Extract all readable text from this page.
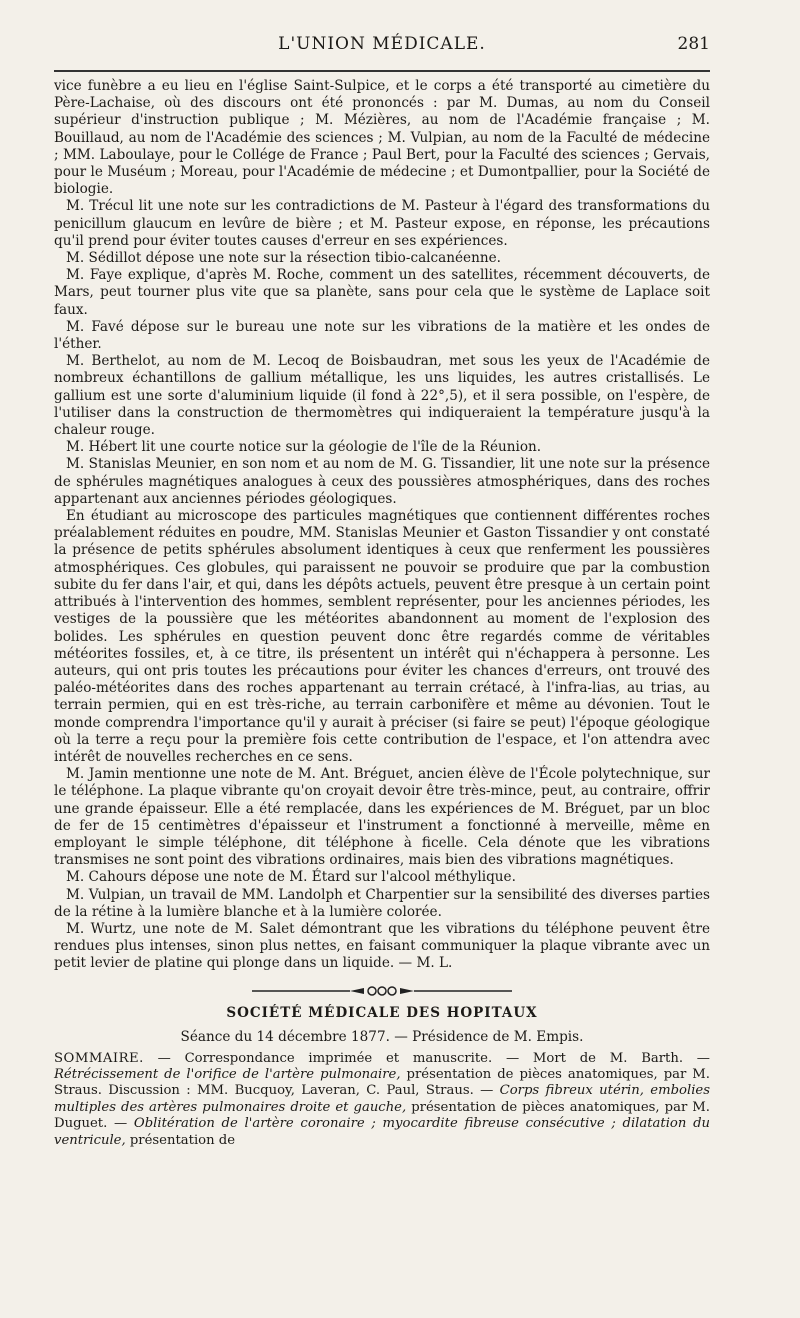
L'UNION MÉDICALE.	281

vice funèbre a eu lieu en l'église Saint-Sulpice, et le corps a été transporté au cimetière du Père-Lachaise, où des discours ont été prononcés : par M. Dumas, au nom du Conseil supérieur d'instruction publique ; M. Mézières, au nom de l'Académie française ; M. Bouillaud, au nom de l'Académie des sciences ; M. Vulpian, au nom de la Faculté de médecine ; MM. Laboulaye, pour le Collége de France ; Paul Bert, pour la Faculté des sciences ; Gervais, pour le Muséum ; Moreau, pour l'Académie de médecine ; et Dumontpallier, pour la Société de biologie.

M. Trécul lit une note sur les contradictions de M. Pasteur à l'égard des transformations du penicillum glaucum en levûre de bière ; et M. Pasteur expose, en réponse, les précautions qu'il prend pour éviter toutes causes d'erreur en ses expériences.

M. Sédillot dépose une note sur la résection tibio-calcanéenne.

M. Faye explique, d'après M. Roche, comment un des satellites, récemment découverts, de Mars, peut tourner plus vite que sa planète, sans pour cela que le système de Laplace soit faux.

M. Favé dépose sur le bureau une note sur les vibrations de la matière et les ondes de l'éther.

M. Berthelot, au nom de M. Lecoq de Boisbaudran, met sous les yeux de l'Académie de nombreux échantillons de gallium métallique, les uns liquides, les autres cristallisés. Le gallium est une sorte d'aluminium liquide (il fond à 22°,5), et il sera possible, on l'espère, de l'utiliser dans la construction de thermomètres qui indiqueraient la température jusqu'à la chaleur rouge.

M. Hébert lit une courte notice sur la géologie de l'île de la Réunion.

M. Stanislas Meunier, en son nom et au nom de M. G. Tissandier, lit une note sur la présence de sphérules magnétiques analogues à ceux des poussières atmosphériques, dans des roches appartenant aux anciennes périodes géologiques.

En étudiant au microscope des particules magnétiques que contiennent différentes roches préalablement réduites en poudre, MM. Stanislas Meunier et Gaston Tissandier y ont constaté la présence de petits sphérules absolument identiques à ceux que renferment les poussières atmosphériques. Ces globules, qui paraissent ne pouvoir se produire que par la combustion subite du fer dans l'air, et qui, dans les dépôts actuels, peuvent être presque à un certain point attribués à l'intervention des hommes, semblent représenter, pour les anciennes périodes, les vestiges de la poussière que les météorites abandonnent au moment de l'explosion des bolides. Les sphérules en question peuvent donc être regardés comme de véritables météorites fossiles, et, à ce titre, ils présentent un intérêt qui n'échappera à personne. Les auteurs, qui ont pris toutes les précautions pour éviter les chances d'erreurs, ont trouvé des paléo-météorites dans des roches appartenant au terrain crétacé, à l'infra-lias, au trias, au terrain permien, qui en est très-riche, au terrain carbonifère et même au dévonien. Tout le monde comprendra l'importance qu'il y aurait à préciser (si faire se peut) l'époque géologique où la terre a reçu pour la première fois cette contribution de l'espace, et l'on attendra avec intérêt de nouvelles recherches en ce sens.

M. Jamin mentionne une note de M. Ant. Bréguet, ancien élève de l'École polytechnique, sur le téléphone. La plaque vibrante qu'on croyait devoir être très-mince, peut, au contraire, offrir une grande épaisseur. Elle a été remplacée, dans les expériences de M. Bréguet, par un bloc de fer de 15 centimètres d'épaisseur et l'instrument a fonctionné à merveille, même en employant le simple téléphone, dit téléphone à ficelle. Cela dénote que les vibrations transmises ne sont point des vibrations ordinaires, mais bien des vibrations magnétiques.

M. Cahours dépose une note de M. Étard sur l'alcool méthylique.

M. Vulpian, un travail de MM. Landolph et Charpentier sur la sensibilité des diverses parties de la rétine à la lumière blanche et à la lumière colorée.

M. Wurtz, une note de M. Salet démontrant que les vibrations du téléphone peuvent être rendues plus intenses, sinon plus nettes, en faisant communiquer la plaque vibrante avec un petit levier de platine qui plonge dans un liquide. — M. L.

SOCIÉTÉ MÉDICALE DES HOPITAUX
Séance du 14 décembre 1877. — Présidence de M. Empis.
SOMMAIRE. — Correspondance imprimée et manuscrite. — Mort de M. Barth. — Rétrécissement de l'orifice de l'artère pulmonaire, présentation de pièces anatomiques, par M. Straus. Discussion : MM. Bucquoy, Laveran, C. Paul, Straus. — Corps fibreux utérin, embolies multiples des artères pulmonaires droite et gauche, présentation de pièces anatomiques, par M. Duguet. — Oblitération de l'artère coronaire ; myocardite fibreuse consécutive ; dilatation du ventricule, présentation de
